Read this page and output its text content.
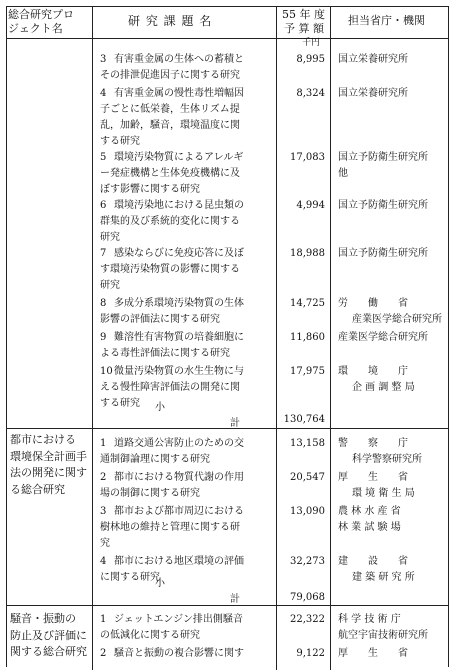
総合研究プロ
ジェクト名
研 究 課 題 名	55 年 度
予 算 額
担当省庁・機関
千円
3 有害重金属の生体への蓄積と
その排泄促進因子に関する研究
8,995 国立栄養研究所
4 有害重金属の慢性毒性増幅因
子ごとに低栄養，生体リズム提
乱，加齢，騒音，環境温度に関
する研究
8,324 国立栄養研究所
5 環境汚染物質によるアレルギ
ー発症機構と生体免疫機構に及
ぼす影響に関する研究
17,083 国立予防衛生研究所
他
6 環境汚染地における昆虫類の
群集的及び系統的変化に関する
研究
4,994 国立予防衛生研究所
7 感染ならびに免疫応答に及ぼ
す環境汚染物質の影響に関する
研究
18,988 国立予防衛生研究所
8 多成分系環境汚染物質の生体
影響の評価法に関する研究
14,725 労　　働　　省
産業医学総合研究所
9 難溶性有害物質の培養細胞に
よる毒性評価法に関する研究
11,860 産業医学総合研究所
10微量汚染物質の水生生物に与
える慢性障害評価法の開発に関
する研究
17,975 環　　境　　庁
企 画 調 整 局
小
計	130,764
都市における
環境保全計画手
法の開発に関す
る総合研究
1 道路交通公害防止のための交
通制御論理に関する研究
13,158 警　　察　　庁
科学警察研究所
2 都市における物質代謝の作用
場の制御に関する研究
20,547 厚　　生　　省
環 境 衛 生 局
3 都市および都市周辺における
樹林地の維持と管理に関する研
究
13,090 農 林 水 産 省
林 業 試 験 場
4 都市における地区環境の評価
に関する研究
32,273 建　　設　　省
建 築 研 究 所
小
計	79,068
騒音・振動の
防止及び評価に
関する総合研究
1 ジェットエンジン排出側騒音
の低減化に関する研究
22,322 科 学 技 術 庁
航空宇宙技術研究所
2 騒音と振動の複合影響に関す	9,122 厚　　生　　省
